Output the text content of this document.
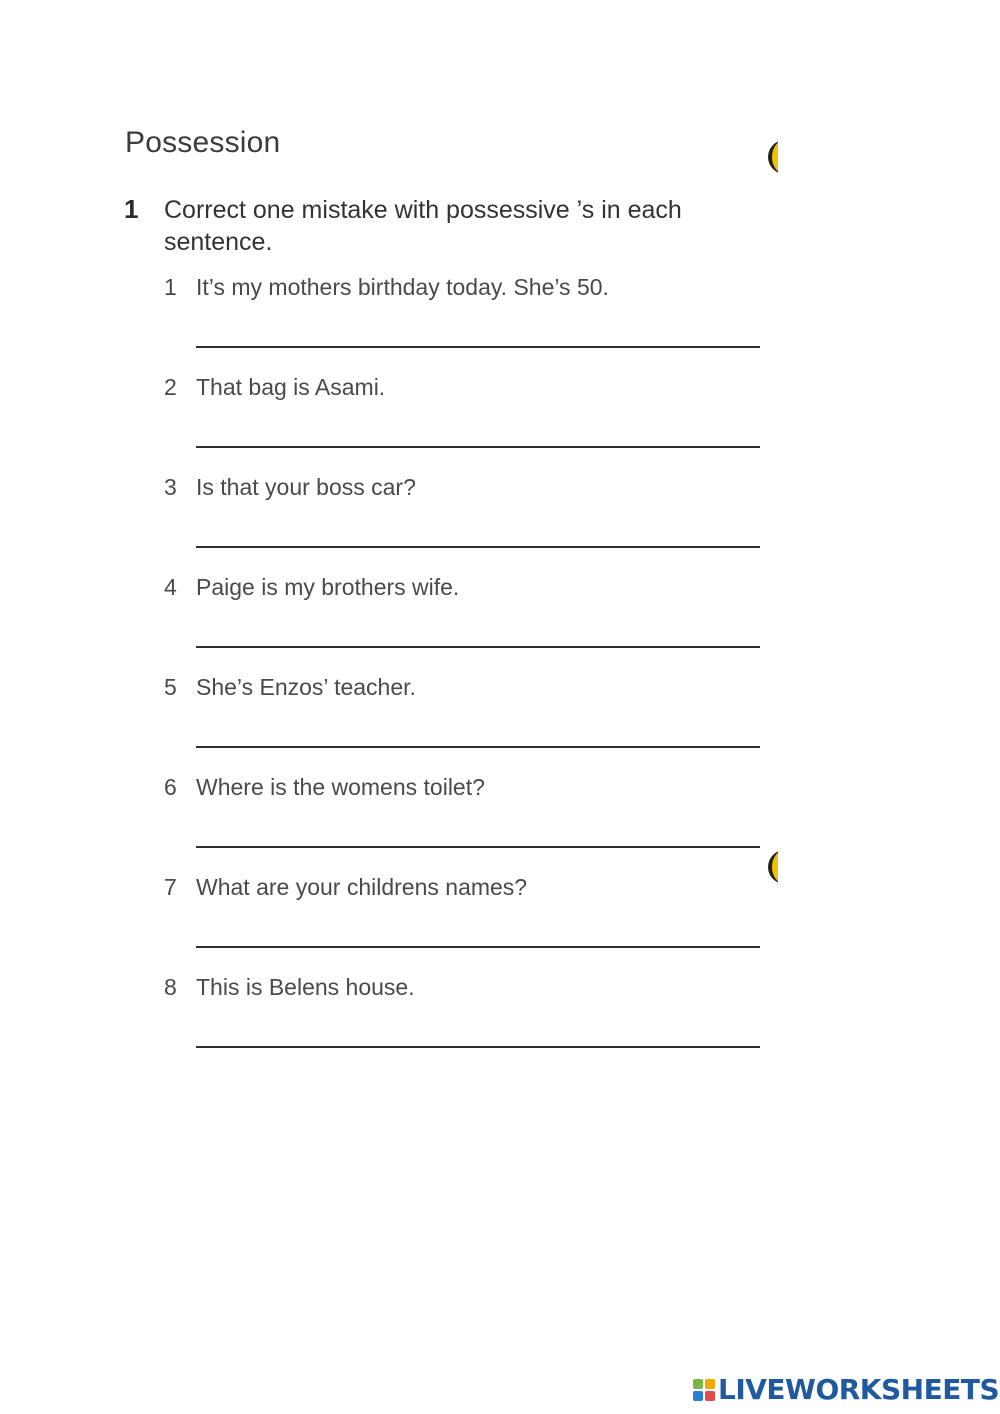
Possession
1 Correct one mistake with possessive ’s in each sentence.
1 It’s my mothers birthday today. She’s 50.
2 That bag is Asami.
3 Is that your boss car?
4 Paige is my brothers wife.
5 She’s Enzos’ teacher.
6 Where is the womens toilet?
7 What are your childrens names?
8 This is Belens house.
LIVEWORKSHEETS
